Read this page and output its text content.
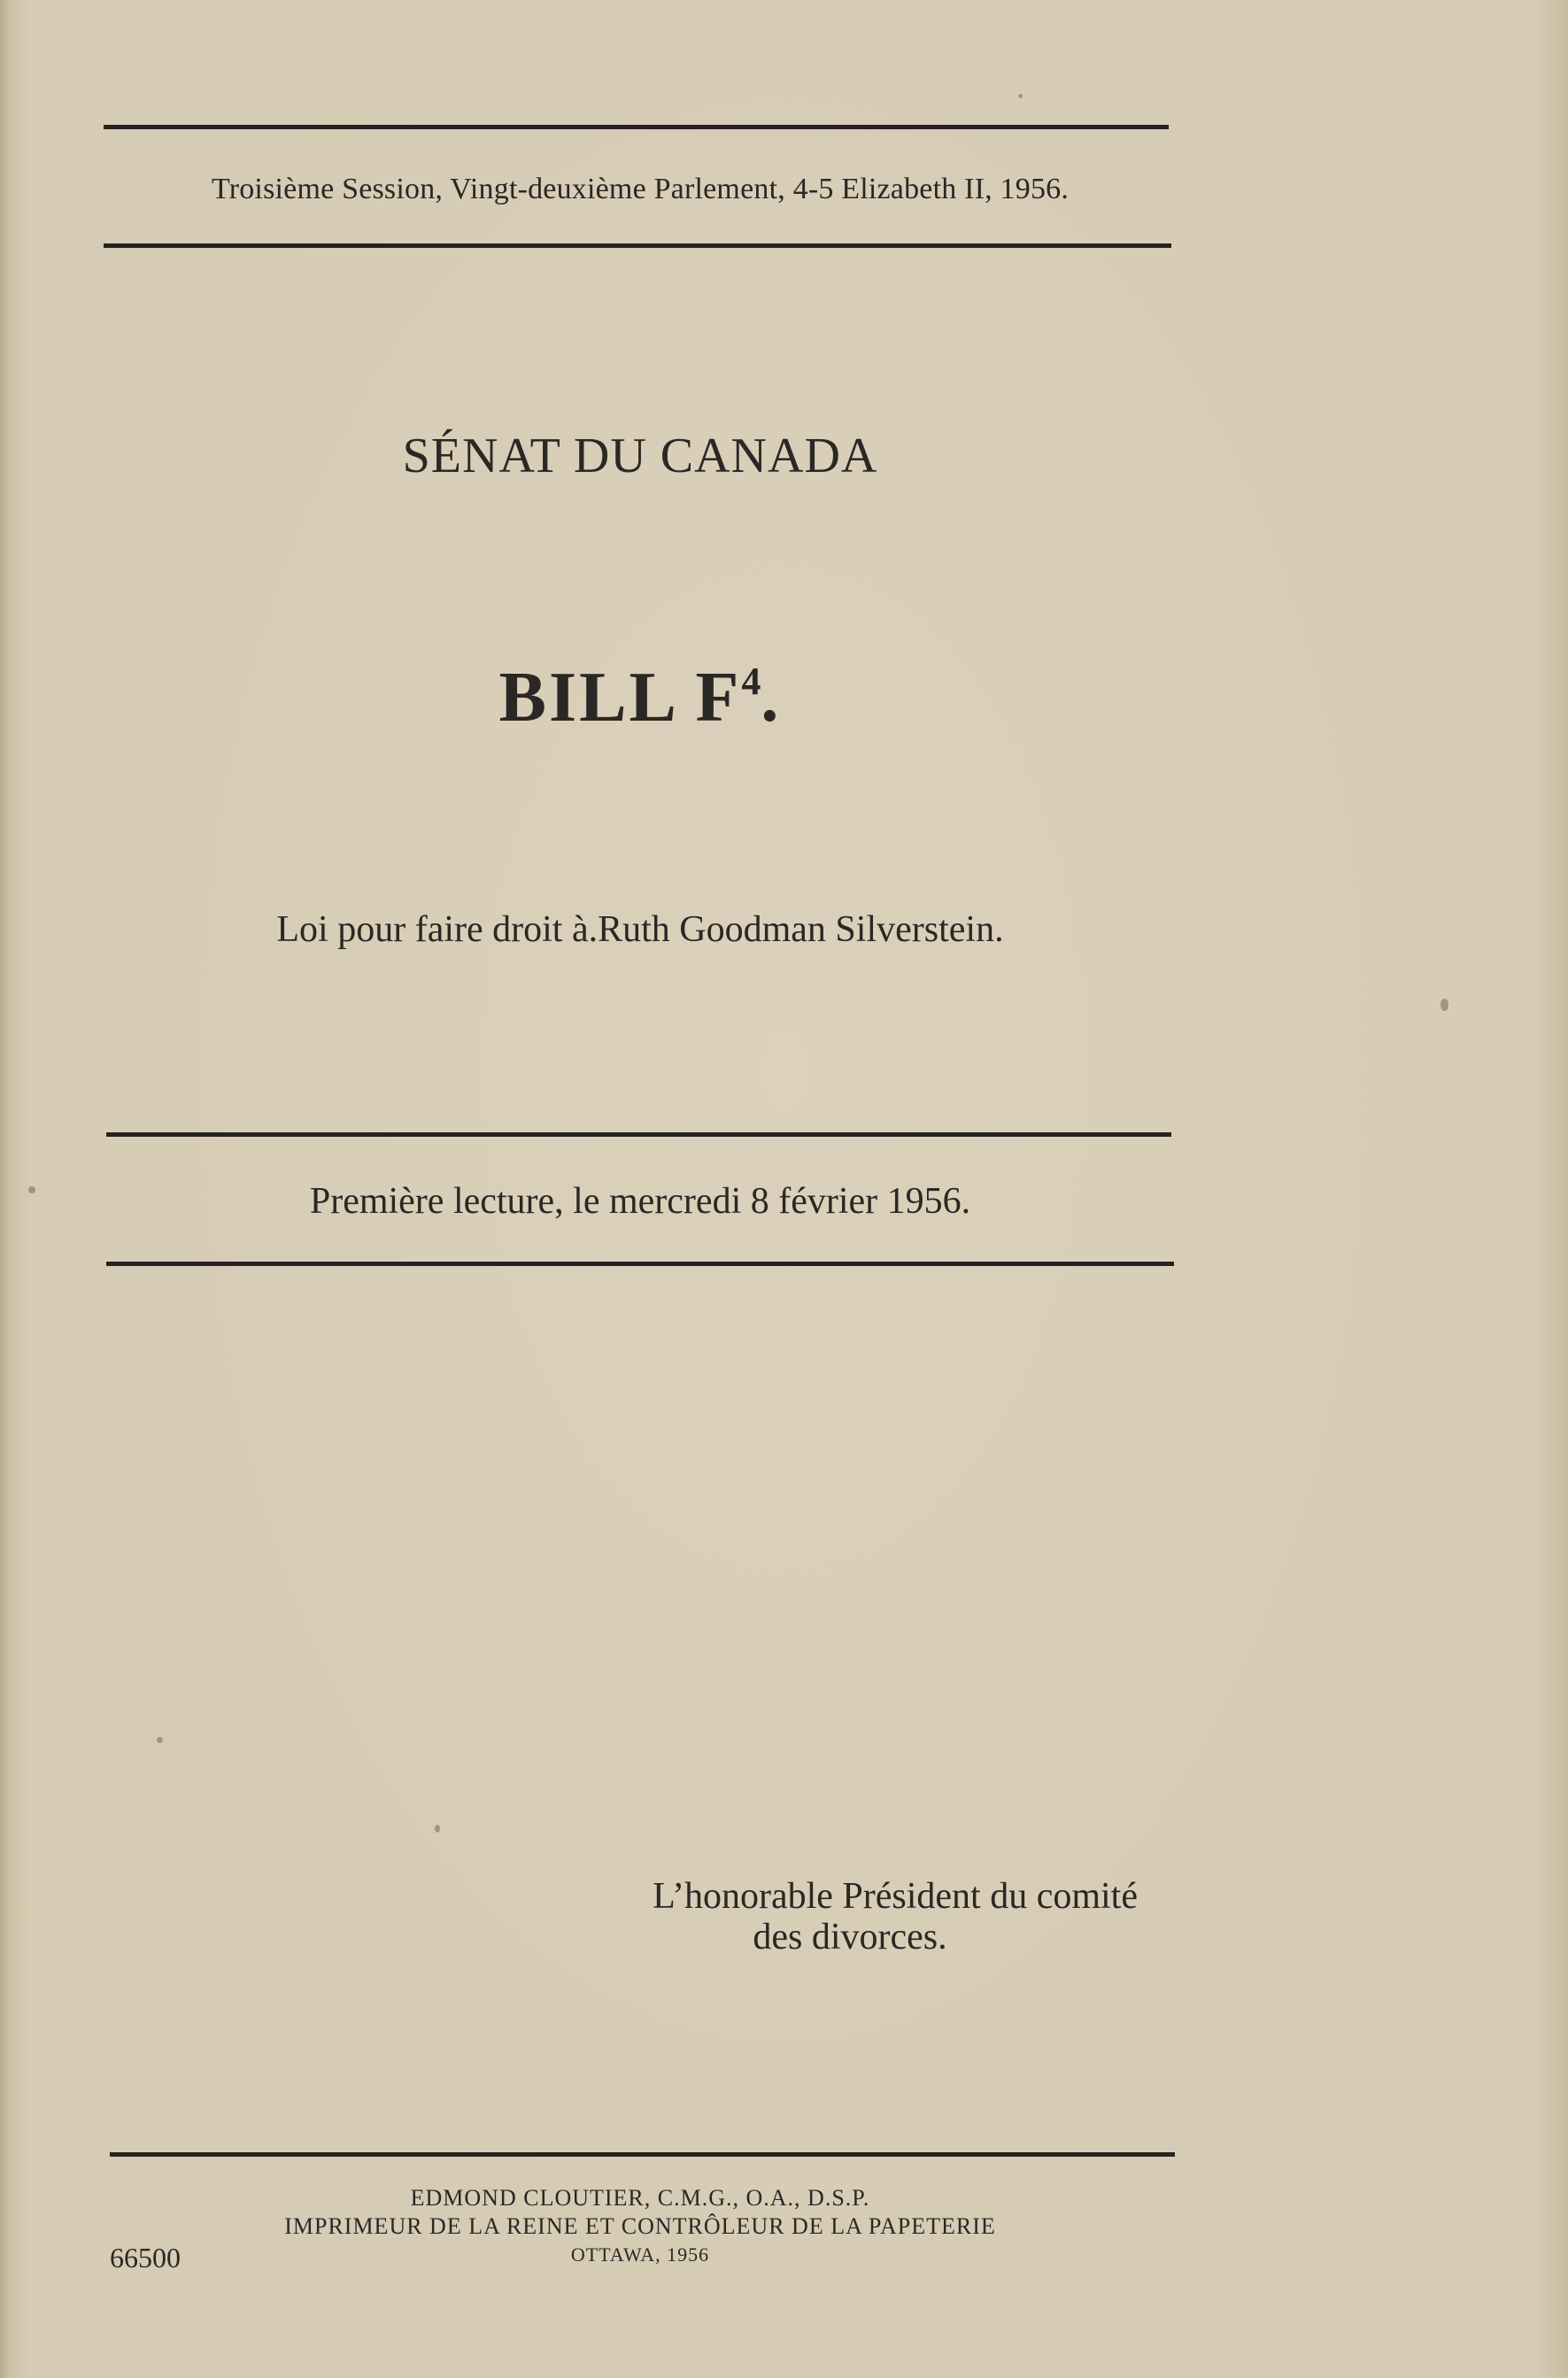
Troisième Session, Vingt-deuxième Parlement, 4-5 Elizabeth II, 1956.
SÉNAT DU CANADA
BILL $F^4$.
Loi pour faire droit à.Ruth Goodman Silverstein.
Première lecture, le mercredi 8 février 1956.
L’honorable Président du comité
des divorces.
EDMOND CLOUTIER, C.M.G., O.A., D.S.P.
IMPRIMEUR DE LA REINE ET CONTRÔLEUR DE LA PAPETERIE
OTTAWA, 1956
66500
